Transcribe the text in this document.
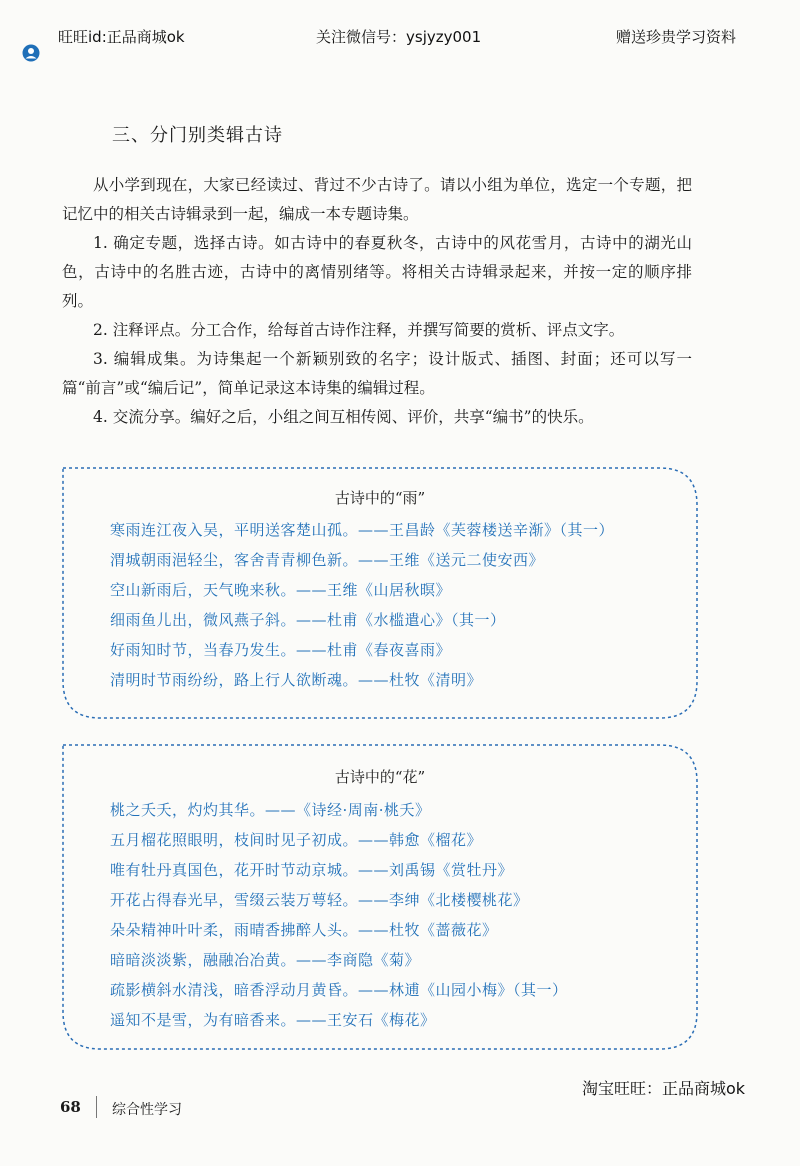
旺旺id:正品商城ok	关注微信号：ysjyzy001	赠送珍贵学习资料
三、分门别类辑古诗

从小学到现在，大家已经读过、背过不少古诗了。请以小组为单位，选定一个专题，把记忆中的相关古诗辑录到一起，编成一本专题诗集。

1. 确定专题，选择古诗。如古诗中的春夏秋冬，古诗中的风花雪月，古诗中的湖光山色，古诗中的名胜古迹，古诗中的离情别绪等。将相关古诗辑录起来，并按一定的顺序排列。

2. 注释评点。分工合作，给每首古诗作注释，并撰写简要的赏析、评点文字。

3. 编辑成集。为诗集起一个新颖别致的名字；设计版式、插图、封面；还可以写一篇“前言”或“编后记”，简单记录这本诗集的编辑过程。

4. 交流分享。编好之后，小组之间互相传阅、评价，共享“编书”的快乐。

古诗中的“雨”
寒雨连江夜入吴，平明送客楚山孤。——王昌龄《芙蓉楼送辛渐》（其一）
渭城朝雨浥轻尘，客舍青青柳色新。——王维《送元二使安西》
空山新雨后，天气晚来秋。——王维《山居秋暝》
细雨鱼儿出，微风燕子斜。——杜甫《水槛遣心》（其一）
好雨知时节，当春乃发生。——杜甫《春夜喜雨》
清明时节雨纷纷，路上行人欲断魂。——杜牧《清明》
古诗中的“花”
桃之夭夭，灼灼其华。——《诗经·周南·桃夭》
五月榴花照眼明，枝间时见子初成。——韩愈《榴花》
唯有牡丹真国色，花开时节动京城。——刘禹锡《赏牡丹》
开花占得春光早，雪缀云装万萼轻。——李绅《北楼樱桃花》
朵朵精神叶叶柔，雨晴香拂醉人头。——杜牧《蔷薇花》
暗暗淡淡紫，融融冶冶黄。——李商隐《菊》
疏影横斜水清浅，暗香浮动月黄昏。——林逋《山园小梅》（其一）
遥知不是雪，为有暗香来。——王安石《梅花》
淘宝旺旺：正品商城ok
68 综合性学习
